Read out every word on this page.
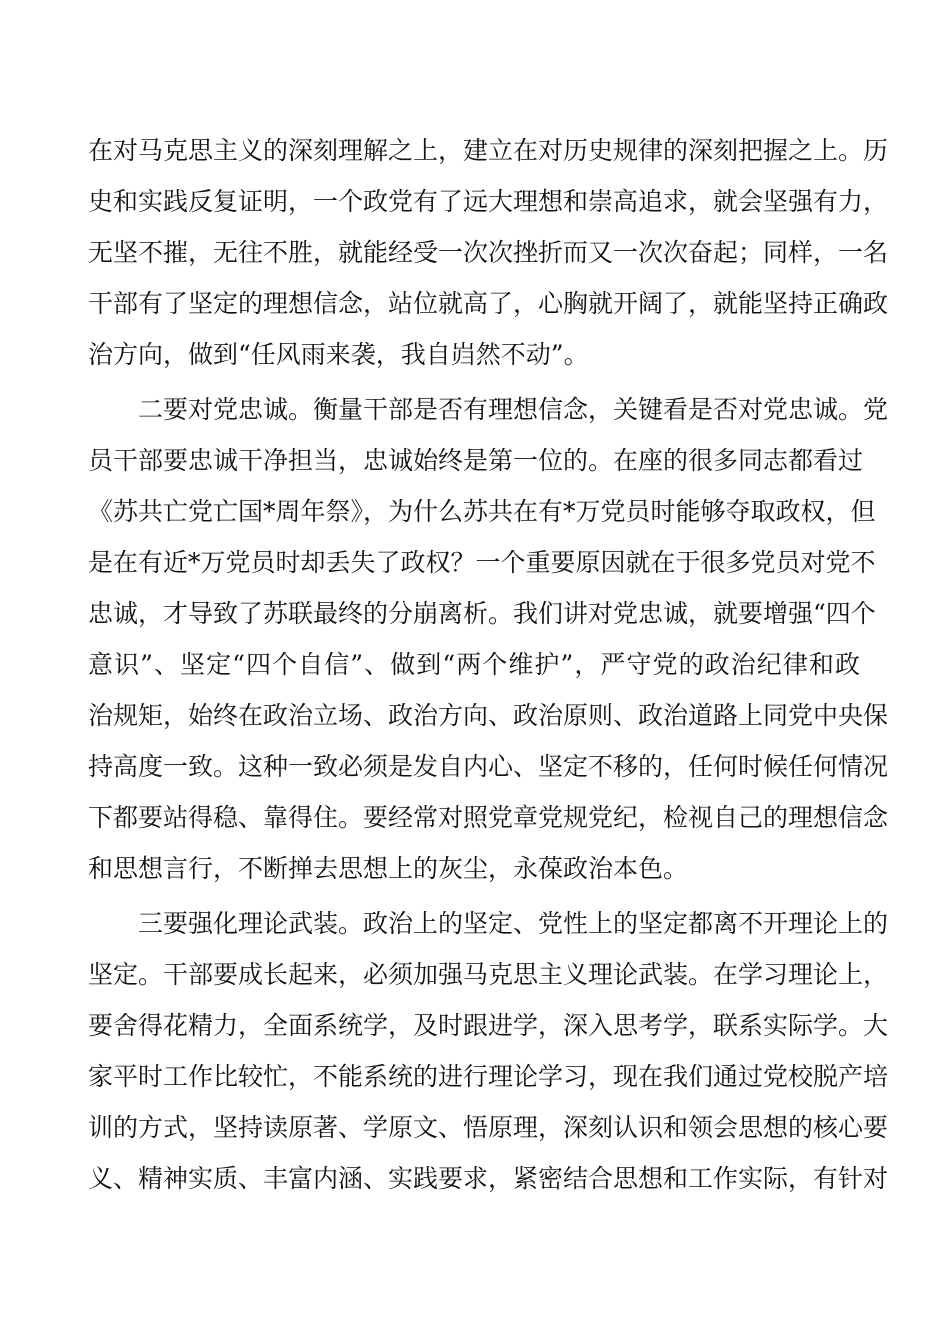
在对马克思主义的深刻理解之上，建立在对历史规律的深刻把握之上。历
史和实践反复证明，一个政党有了远大理想和崇高追求，就会坚强有力，
无坚不摧，无往不胜，就能经受一次次挫折而又一次次奋起；同样，一名
干部有了坚定的理想信念，站位就高了，心胸就开阔了，就能坚持正确政
治方向，做到“任风雨来袭，我自岿然不动”。
二要对党忠诚。衡量干部是否有理想信念，关键看是否对党忠诚。党
员干部要忠诚干净担当，忠诚始终是第一位的。在座的很多同志都看过
《苏共亡党亡国*周年祭》，为什么苏共在有*万党员时能够夺取政权，但
是在有近*万党员时却丢失了政权？一个重要原因就在于很多党员对党不
忠诚，才导致了苏联最终的分崩离析。我们讲对党忠诚，就要增强“四个
意识”、坚定“四个自信”、做到“两个维护”，严守党的政治纪律和政
治规矩，始终在政治立场、政治方向、政治原则、政治道路上同党中央保
持高度一致。这种一致必须是发自内心、坚定不移的，任何时候任何情况
下都要站得稳、靠得住。要经常对照党章党规党纪，检视自己的理想信念
和思想言行，不断掸去思想上的灰尘，永葆政治本色。
三要强化理论武装。政治上的坚定、党性上的坚定都离不开理论上的
坚定。干部要成长起来，必须加强马克思主义理论武装。在学习理论上，
要舍得花精力，全面系统学，及时跟进学，深入思考学，联系实际学。大
家平时工作比较忙，不能系统的进行理论学习，现在我们通过党校脱产培
训的方式，坚持读原著、学原文、悟原理，深刻认识和领会思想的核心要
义、精神实质、丰富内涵、实践要求，紧密结合思想和工作实际，有针对
